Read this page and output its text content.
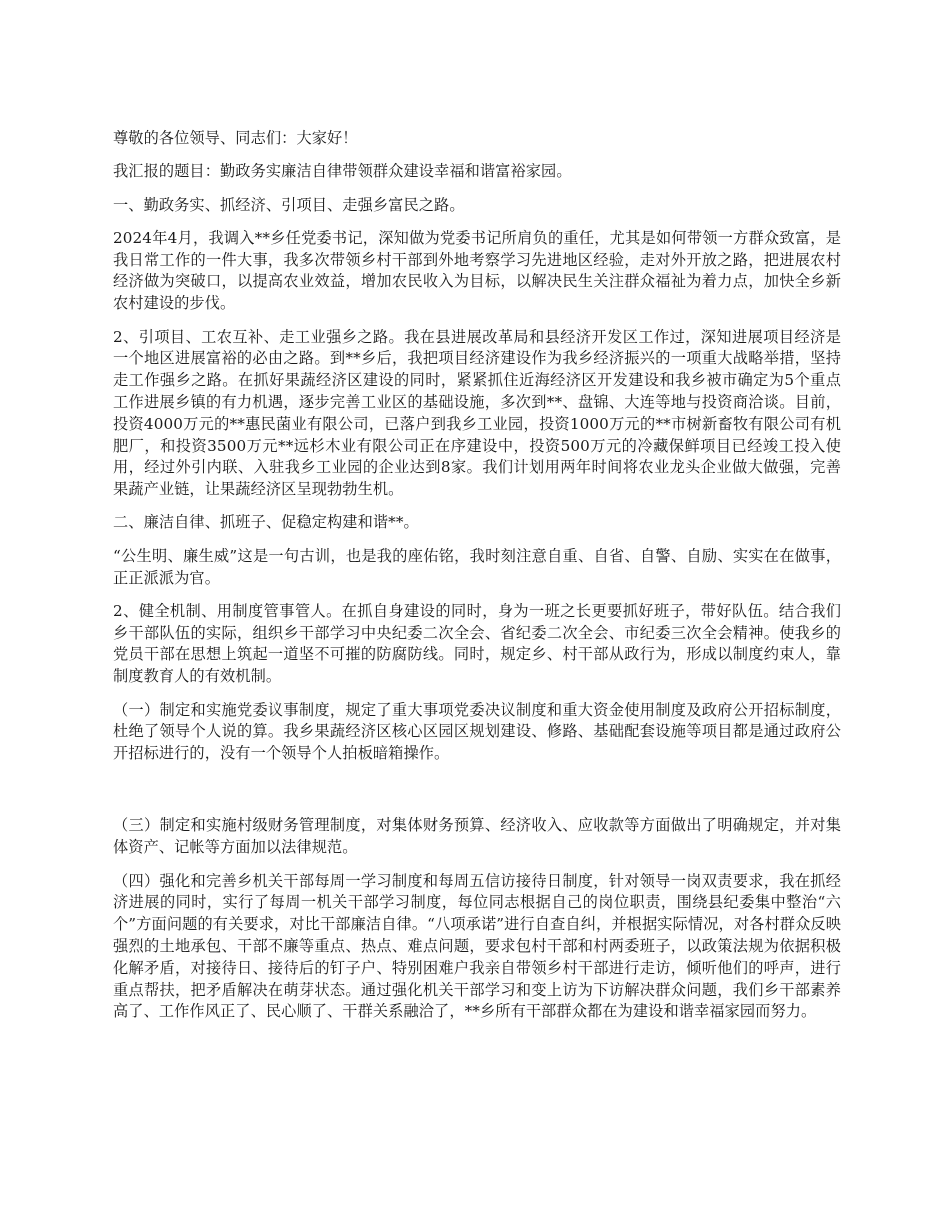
尊敬的各位领导、同志们：大家好！

我汇报的题目：勤政务实廉洁自律带领群众建设幸福和谐富裕家园。

一、勤政务实、抓经济、引项目、走强乡富民之路。

2024年4月，我调入**乡任党委书记，深知做为党委书记所肩负的重任，尤其是如何带领一方群众致富，是我日常工作的一件大事，我多次带领乡村干部到外地考察学习先进地区经验，走对外开放之路，把进展农村经济做为突破口，以提高农业效益，增加农民收入为目标，以解决民生关注群众福祉为着力点，加快全乡新农村建设的步伐。

2、引项目、工农互补、走工业强乡之路。我在县进展改革局和县经济开发区工作过，深知进展项目经济是一个地区进展富裕的必由之路。到**乡后，我把项目经济建设作为我乡经济振兴的一项重大战略举措，坚持走工作强乡之路。在抓好果蔬经济区建设的同时，紧紧抓住近海经济区开发建设和我乡被市确定为5个重点工作进展乡镇的有力机遇，逐步完善工业区的基础设施，多次到**、盘锦、大连等地与投资商洽谈。目前，投资4000万元的**惠民菌业有限公司，已落户到我乡工业园，投资1000万元的**市树新畜牧有限公司有机肥厂，和投资3500万元**远杉木业有限公司正在序建设中，投资500万元的冷藏保鲜项目已经竣工投入使用，经过外引内联、入驻我乡工业园的企业达到8家。我们计划用两年时间将农业龙头企业做大做强，完善果蔬产业链，让果蔬经济区呈现勃勃生机。

二、廉洁自律、抓班子、促稳定构建和谐**。

“公生明、廉生威”这是一句古训，也是我的座佑铭，我时刻注意自重、自省、自警、自励、实实在在做事，正正派派为官。

2、健全机制、用制度管事管人。在抓自身建设的同时，身为一班之长更要抓好班子，带好队伍。结合我们乡干部队伍的实际，组织乡干部学习中央纪委二次全会、省纪委二次全会、市纪委三次全会精神。使我乡的党员干部在思想上筑起一道坚不可摧的防腐防线。同时，规定乡、村干部从政行为，形成以制度约束人，靠制度教育人的有效机制。

（一）制定和实施党委议事制度，规定了重大事项党委决议制度和重大资金使用制度及政府公开招标制度，杜绝了领导个人说的算。我乡果蔬经济区核心区园区规划建设、修路、基础配套设施等项目都是通过政府公开招标进行的，没有一个领导个人拍板暗箱操作。

（三）制定和实施村级财务管理制度，对集体财务预算、经济收入、应收款等方面做出了明确规定，并对集体资产、记帐等方面加以法律规范。

（四）强化和完善乡机关干部每周一学习制度和每周五信访接待日制度，针对领导一岗双责要求，我在抓经济进展的同时，实行了每周一机关干部学习制度，每位同志根据自己的岗位职责，围绕县纪委集中整治“六个”方面问题的有关要求，对比干部廉洁自律。“八项承诺”进行自查自纠，并根据实际情况，对各村群众反映强烈的土地承包、干部不廉等重点、热点、难点问题，要求包村干部和村两委班子，以政策法规为依据积极化解矛盾，对接待日、接待后的钉子户、特别困难户我亲自带领乡村干部进行走访，倾听他们的呼声，进行重点帮扶，把矛盾解决在萌芽状态。通过强化机关干部学习和变上访为下访解决群众问题，我们乡干部素养高了、工作作风正了、民心顺了、干群关系融洽了，**乡所有干部群众都在为建设和谐幸福家园而努力。
